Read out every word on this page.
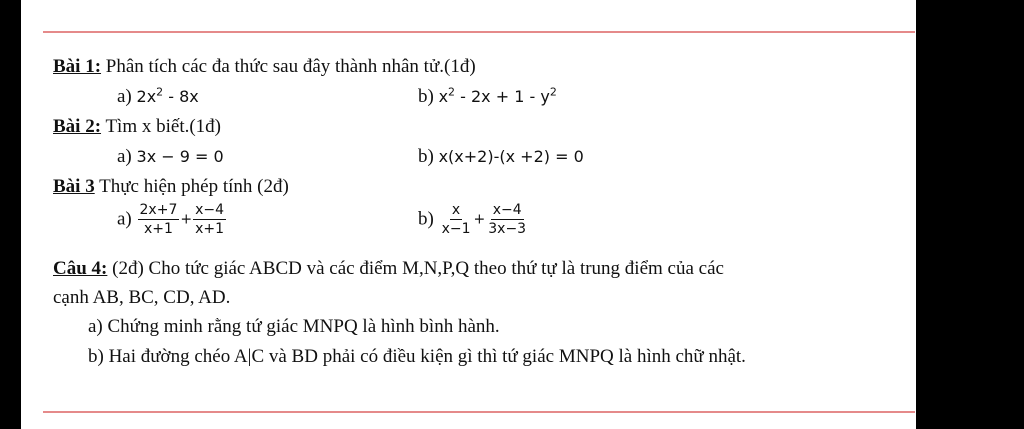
Bài 1: Phân tích các đa thức sau đây thành nhân tử.(1đ)
a) $2x^2 - 8x$	b) $x^2 - 2x + 1 - y^2$
Bài 2: Tìm x biết.(1đ)
a) 3x − 9 = 0	b) x(x+2)-(x +2) = 0
Bài 3 Thực hiện phép tính (2đ)
$a) \frac{2x+7}{x+1} + \frac{x-4}{x+1}$	$b) \frac{x}{x-1} + \frac{x-4}{3x-3}$
Câu 4: (2đ) Cho tức giác ABCD và các điểm M,N,P,Q theo thứ tự là trung điểm của các
cạnh AB, BC, CD, AD.
a) Chứng minh rằng tứ giác MNPQ là hình bình hành.
b) Hai đường chéo A|C và BD phải có điều kiện gì thì tứ giác MNPQ là hình chữ nhật.
